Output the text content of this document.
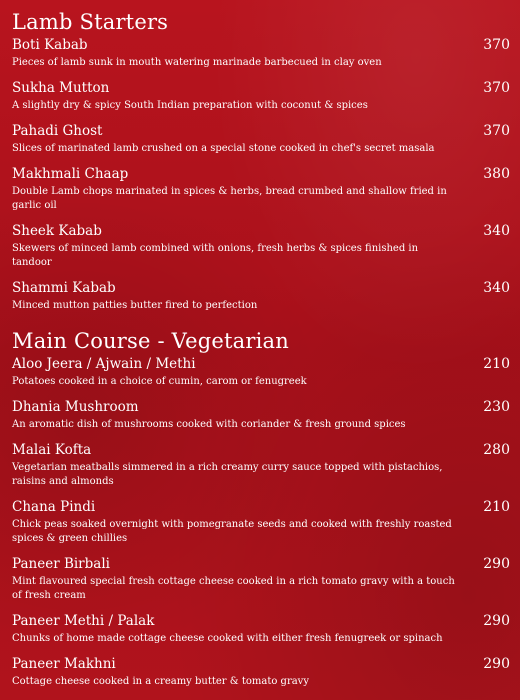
Lamb Starters
Boti Kabab	370
Pieces of lamb sunk in mouth watering marinade barbecued in clay oven
Sukha Mutton	370
A slightly dry & spicy South Indian preparation with coconut & spices
Pahadi Ghost	370
Slices of marinated lamb crushed on a special stone cooked in chef's secret masala
Makhmali Chaap	380
Double Lamb chops marinated in spices & herbs, bread crumbed and shallow fried in garlic oil
Sheek Kabab	340
Skewers of minced lamb combined with onions, fresh herbs & spices finished in tandoor
Shammi Kabab	340
Minced mutton patties butter fired to perfection
Main Course - Vegetarian
Aloo Jeera / Ajwain / Methi	210
Potatoes cooked in a choice of cumin, carom or fenugreek
Dhania Mushroom	230
An aromatic dish of mushrooms cooked with coriander & fresh ground spices
Malai Kofta	280
Vegetarian meatballs simmered in a rich creamy curry sauce topped with pistachios, raisins and almonds
Chana Pindi	210
Chick peas soaked overnight with pomegranate seeds and cooked with freshly roasted spices & green chillies
Paneer Birbali	290
Mint flavoured special fresh cottage cheese cooked in a rich tomato gravy with a touch of fresh cream
Paneer Methi / Palak	290
Chunks of home made cottage cheese cooked with either fresh fenugreek or spinach
Paneer Makhni	290
Cottage cheese cooked in a creamy butter & tomato gravy
